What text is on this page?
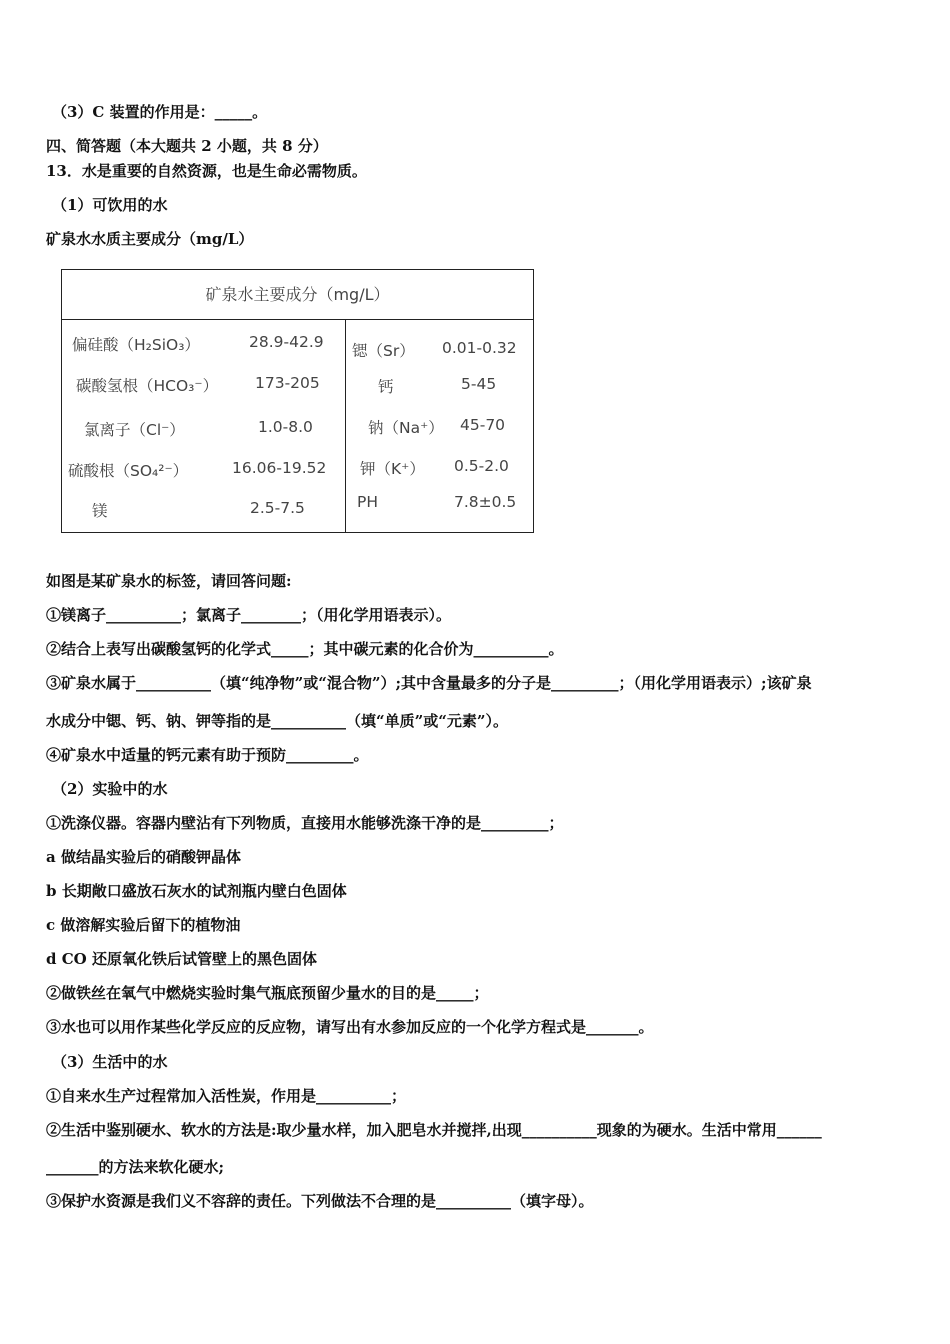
（3）C 装置的作用是：_____。
四、简答题（本大题共 2 小题，共 8 分）
13．水是重要的自然资源，也是生命必需物质。
（1）可饮用的水
矿泉水水质主要成分（mg/L）
矿泉水主要成分（mg/L）
偏硅酸（H₂SiO₃）	28.9-42.9
碳酸氢根（HCO₃⁻） 173-205
氯离子（Cl⁻）	1.0-8.0
硫酸根（SO₄²⁻）	16.06-19.52
镁	2.5-7.5
锶（Sr） 0.01-0.32
钙	5-45
钠（Na⁺） 45-70
钾（K⁺） 0.5-2.0
PH	7.8±0.5
如图是某矿泉水的标签，请回答问题:
①镁离子__________；氯离子________；（用化学用语表示）。
②结合上表写出碳酸氢钙的化学式_____；其中碳元素的化合价为__________。
③矿泉水属于__________（填“纯净物”或“混合物”）;其中含量最多的分子是_________；（用化学用语表示）;该矿泉
水成分中锶、钙、钠、钾等指的是__________（填“单质”或“元素”）。
④矿泉水中适量的钙元素有助于预防_________。
（2）实验中的水
①洗涤仪器。容器内壁沾有下列物质，直接用水能够洗涤干净的是_________；
a 做结晶实验后的硝酸钾晶体
b 长期敞口盛放石灰水的试剂瓶内壁白色固体
c 做溶解实验后留下的植物油
d CO 还原氧化铁后试管壁上的黑色固体
②做铁丝在氧气中燃烧实验时集气瓶底预留少量水的目的是_____；
③水也可以用作某些化学反应的反应物，请写出有水参加反应的一个化学方程式是_______。
（3）生活中的水
①自来水生产过程常加入活性炭，作用是__________；
②生活中鉴别硬水、软水的方法是:取少量水样，加入肥皂水并搅拌,出现__________现象的为硬水。生活中常用______
_______的方法来软化硬水;
③保护水资源是我们义不容辞的责任。下列做法不合理的是__________（填字母）。
